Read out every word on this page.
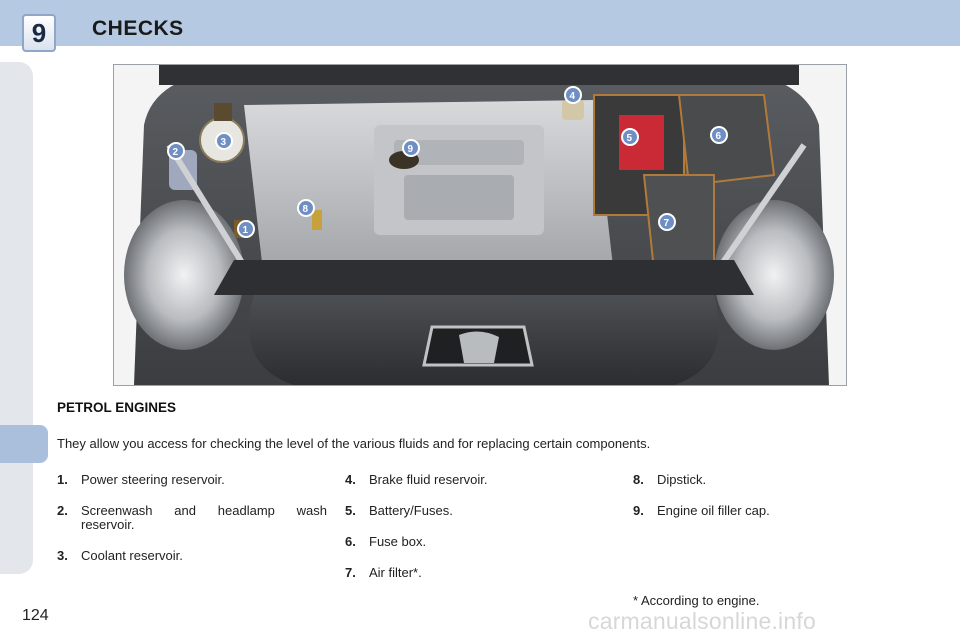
9 CHECKS
1
2
3
4
5	6
7
8
9
PETROL ENGINES
They allow you access for checking the level of the various fluids and for replacing certain components.
1. Power steering reservoir.
2. Screenwash and headlamp wash reservoir.
3. Coolant reservoir.
4. Brake fluid reservoir.
5. Battery/Fuses.
6. Fuse box.
7. Air filter*.
8. Dipstick.
9. Engine oil filler cap.
* According to engine.
124	carmanualsonline.info
